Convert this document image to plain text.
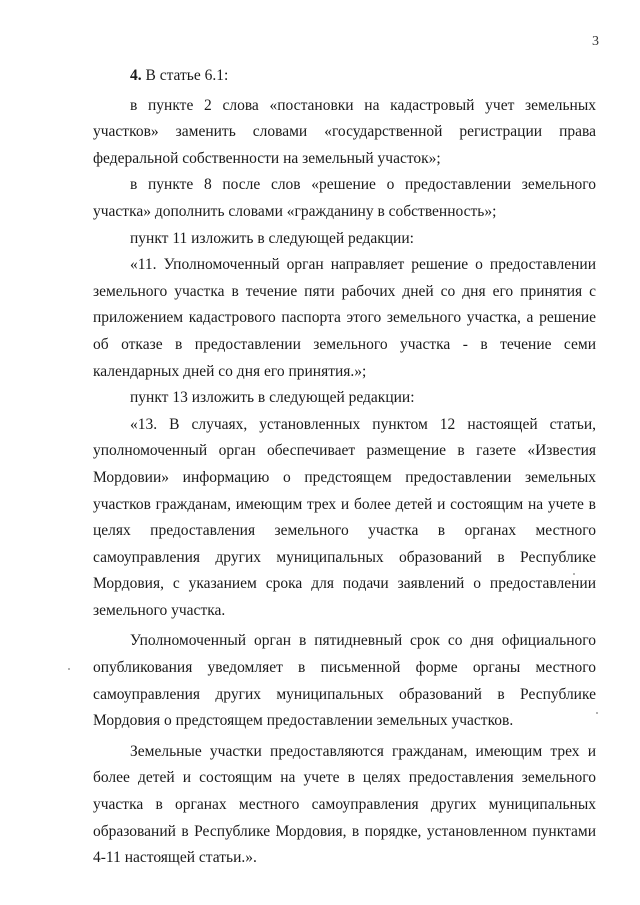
3

4. В статье 6.1:

в пункте 2 слова «постановки на кадастровый учет земельных участков» заменить словами «государственной регистрации права федеральной собственности на земельный участок»;

в пункте 8 после слов «решение о предоставлении земельного участка» дополнить словами «гражданину в собственность»;

пункт 11 изложить в следующей редакции:

«11. Уполномоченный орган направляет решение о предоставлении земельного участка в течение пяти рабочих дней со дня его принятия с приложением кадастрового паспорта этого земельного участка, а решение об отказе в предоставлении земельного участка - в течение семи календарных дней со дня его принятия.»;

пункт 13 изложить в следующей редакции:

«13. В случаях, установленных пунктом 12 настоящей статьи, уполномоченный орган обеспечивает размещение в газете «Известия Мордовии» информацию о предстоящем предоставлении земельных участков гражданам, имеющим трех и более детей и состоящим на учете в целях предоставления земельного участка в органах местного самоуправления других муниципальных образований в Республике Мордовия, с указанием срока для подачи заявлений о предоставлении земельного участка.

Уполномоченный орган в пятидневный срок со дня официального опубликования уведомляет в письменной форме органы местного самоуправления других муниципальных образований в Республике Мордовия о предстоящем предоставлении земельных участков.

Земельные участки предоставляются гражданам, имеющим трех и более детей и состоящим на учете в целях предоставления земельного участка в органах местного самоуправления других муниципальных образований в Республике Мордовия, в порядке, установленном пунктами 4-11 настоящей статьи.».
